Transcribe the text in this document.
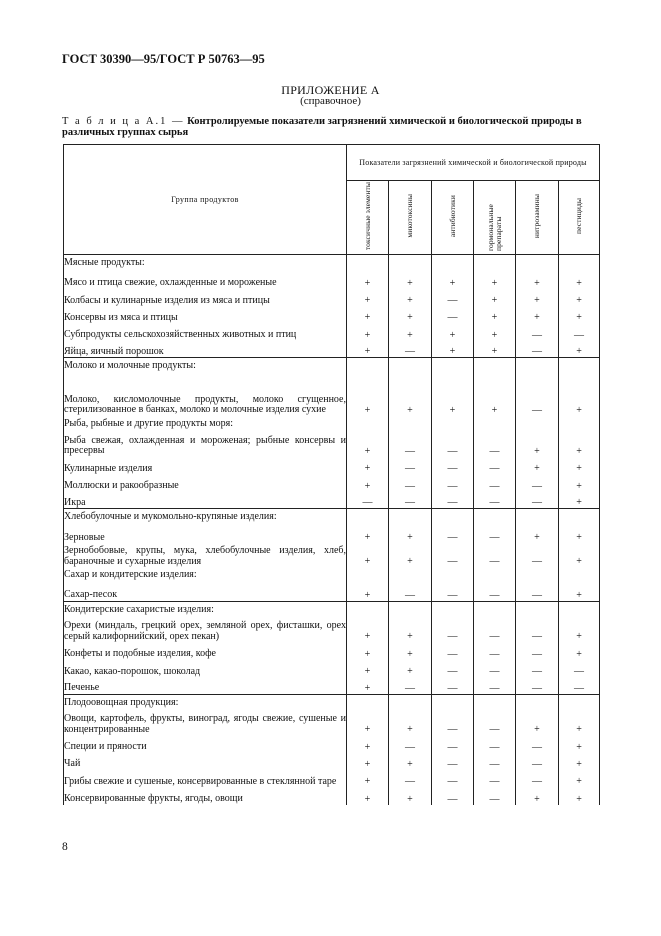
ГОСТ 30390—95/ГОСТ Р 50763—95
ПРИЛОЖЕНИЕ А
(справочное)
Т а б л и ц а А.1 — Контролируемые показатели загрязнений химической и биологической природы в различных группах сырья
Группа продуктов	Показатели загрязнений химической и биологической природы					
	токсичные элементы	микотоксины	антибиотики	гормональные препараты	нитрозамины	пестициды
Мясные продукты:						
Мясо и птица свежие, охлажденные и мороженые	+	+	+	+	+	+
Колбасы и кулинарные изделия из мяса и птицы	+	+	—	+	+	+
Консервы из мяса и птицы	+	+	—	+	+	+
Субпродукты сельскохозяйственных животных и птиц	+	+	+	+	—	—
Яйца, яичный порошок	+	—	+	+	—	+
Молоко и молочные продукты:						
Молоко, кисломолочные продукты, молоко сгущенное, стерилизованное в банках, молоко и молочные изделия сухие	+	+	+	+	—	+
Рыба, рыбные и другие продукты моря:						
Рыба свежая, охлажденная и мороженая; рыбные консервы и пресервы	+	—	—	—	+	+
Кулинарные изделия	+	—	—	—	+	+
Моллюски и ракообразные	+	—	—	—	—	+
Икра	—	—	—	—	—	+
Хлебобулочные и мукомольно-крупяные изделия:						
Зерновые	+	+	—	—	+	+
Зернобобовые, крупы, мука, хлебобулочные изделия, хлеб, бараночные и сухарные изделия	+	+	—	—	—	+
Сахар и кондитерские изделия:						
Сахар-песок	+	—	—	—	—	+
Кондитерские сахаристые изделия:						
Орехи (миндаль, грецкий орех, земляной орех, фисташки, орех серый калифорнийский, орех пекан)	+	+	—	—	—	+
Конфеты и подобные изделия, кофе	+	+	—	—	—	+
Какао, какао-порошок, шоколад	+	+	—	—	—	—
Печенье	+	—	—	—	—	—
Плодоовощная продукция:						
Овощи, картофель, фрукты, виноград, ягоды свежие, сушеные и концентрированные	+	+	—	—	+	+
Специи и пряности	+	—	—	—	—	+
Чай	+	+	—	—	—	+
Грибы свежие и сушеные, консервированные в стеклянной таре	+	—	—	—	—	+
Консервированные фрукты, ягоды, овощи	+	+	—	—	+	+
8
